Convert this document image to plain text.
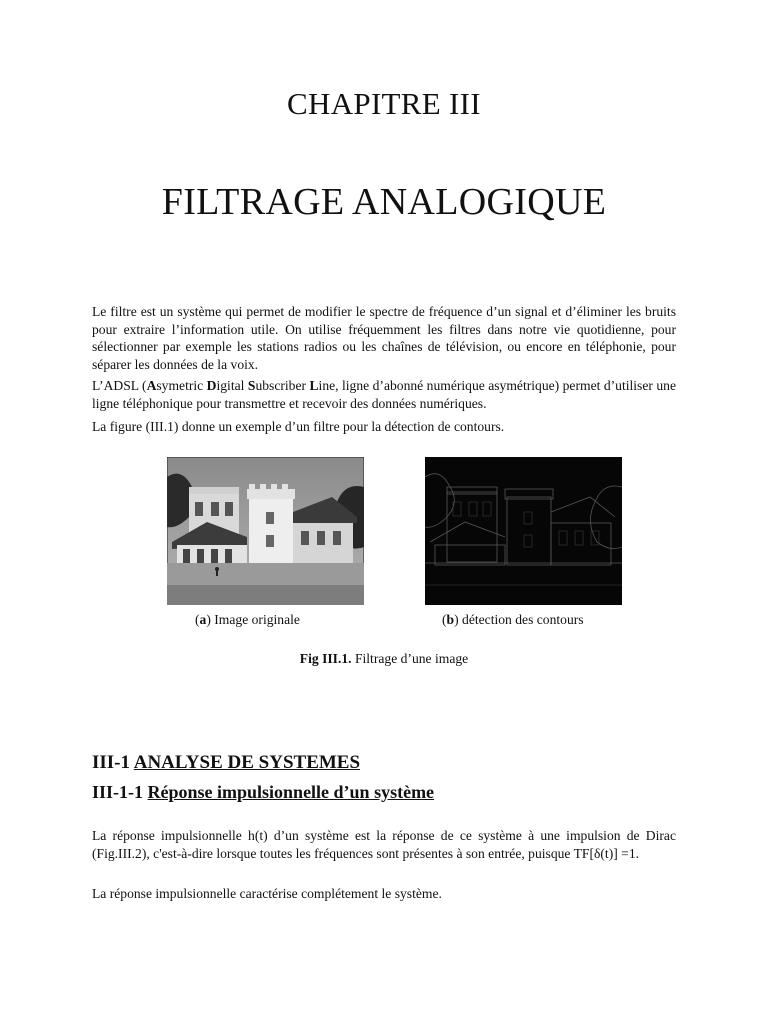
CHAPITRE III
FILTRAGE ANALOGIQUE

Le filtre est un système qui permet de modifier le spectre de fréquence d’un signal et d’éliminer les bruits pour extraire l’information utile. On utilise fréquemment les filtres dans notre vie quotidienne, pour sélectionner par exemple les stations radios ou les chaînes de télévision, ou encore en téléphonie, pour séparer les données de la voix.

L’ADSL (Asymetric Digital Subscriber Line, ligne d’abonné numérique asymétrique) permet d’utiliser une ligne téléphonique pour transmettre et recevoir des données numériques.

La figure (III.1) donne un exemple d’un filtre pour la détection de contours.

(a) Image originale	(b) détection des contours
Fig III.1. Filtrage d’une image
III-1 ANALYSE DE SYSTEMES
III-1-1 Réponse impulsionnelle d’un système

La réponse impulsionnelle h(t) d’un système est la réponse de ce système à une impulsion de Dirac (Fig.III.2), c'est-à-dire lorsque toutes les fréquences sont présentes à son entrée, puisque TF[δ(t)] =1.

La réponse impulsionnelle caractérise complétement le système.
